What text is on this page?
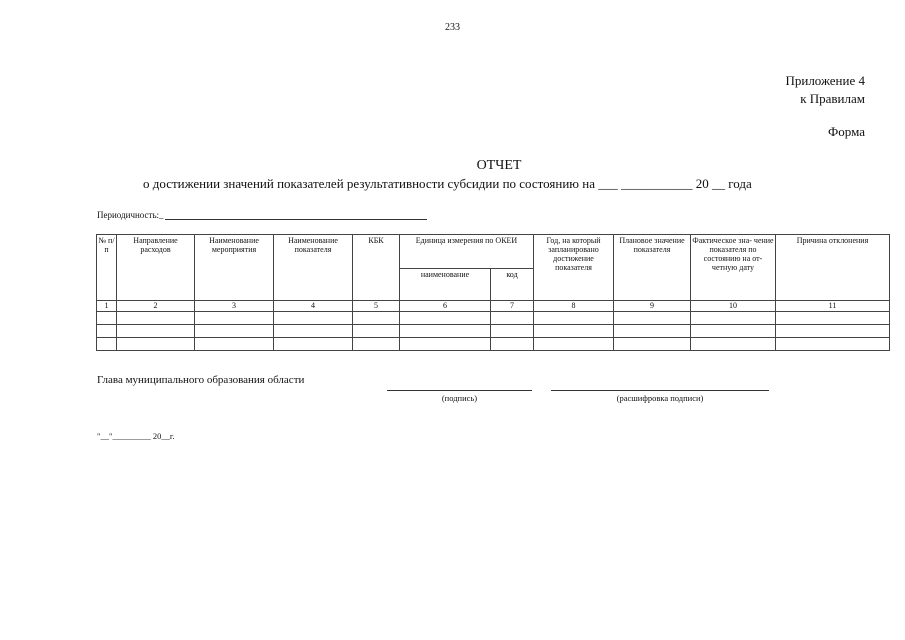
233
Приложение 4
к Правилам
Форма
ОТЧЕТ
о достижении значений показателей результативности субсидии по состоянию на ___ ___________ 20 __ года
Периодичность:_
№ п/п	Направление расходов	Наименование мероприятия	Наименование показателя	КБК	Единица измерения по ОКЕИ		Год, на который запланировано достижение показателя	Плановое значение показателя	Фактическое зна- чение показателя по состоянию на от- четную дату	Причина отклонения
					наименование	код				
1	2	3	4	5	6	7	8	9	10	11

Глава муниципального образования области
(подпись)	(расшифровка подписи)
"__"_________ 20__г.
